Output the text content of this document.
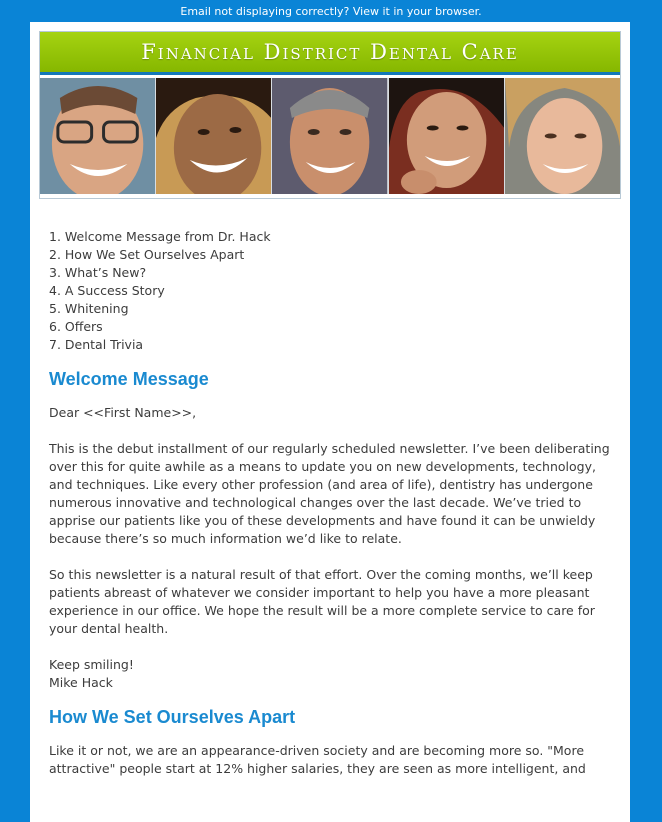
Email not displaying correctly? View it in your browser.
Financial District Dental Care
1. Welcome Message from Dr. Hack
2. How We Set Ourselves Apart
3. What’s New?
4. A Success Story
5. Whitening
6. Offers
7. Dental Trivia
Welcome Message

Dear <<First Name>>,

This is the debut installment of our regularly scheduled newsletter. I’ve been deliberating over this for quite awhile as a means to update you on new developments, technology, and techniques. Like every other profession (and area of life), dentistry has undergone numerous innovative and technological changes over the last decade. We’ve tried to apprise our patients like you of these developments and have found it can be unwieldy because there’s so much information we’d like to relate.

So this newsletter is a natural result of that effort. Over the coming months, we’ll keep patients abreast of whatever we consider important to help you have a more pleasant experience in our office. We hope the result will be a more complete service to care for your dental health.

Keep smiling!
Mike Hack

How We Set Ourselves Apart

Like it or not, we are an appearance-driven society and are becoming more so. "More attractive" people start at 12% higher salaries, they are seen as more intelligent, and
